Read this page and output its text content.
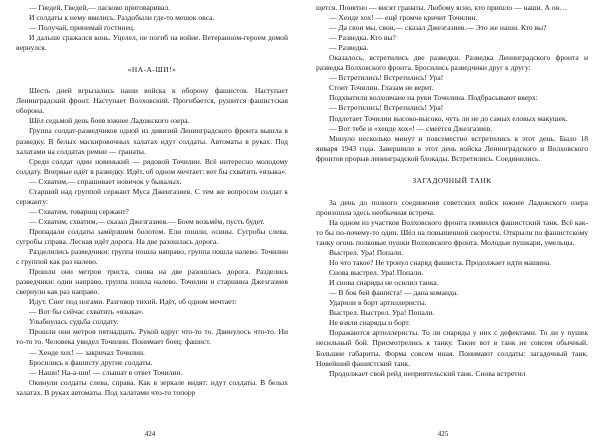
— Гведей, Гведей,— ласково приговаривал.

И солдаты к нему явились. Раздобыли где-то мешок овса.

— Получай, принимай гостинец.

И дальше сражался конь. Уцелел, не погиб на войне. Ветеранном-героем домой вернулся.

«НА-А-ШИ!»

Шесть дней вгрызались наши войска в оборону фашистов. Наступает Ленинградский фронт. Наступает Волховский. Прогибается, рушится фашистская оборона.

Шёл седьмой день боев южнее Ладожского озера.

Группа солдат-разведчиков одной из дивизий Ленинградского фронта вышла в разведку. В белых маскировочных халатах идут солдаты. Автоматы в руках. Под халатами на солдатах ремни — гранаты.

Среди солдат один новенький — рядовой Точилин. Всё интересно молодому солдату. Впервые идёт в разведку. Идёт, об одном мечтает: вот бы схватить «языка».

— Схватим,— спрашивает новичок у бывалых.

Старший над группой сержант Муса Дженгазиев. С тем же вопросом солдат к сержанту:

— Схватим, товарищ сержант?

— Схватим, схватим,— сказал Джезгазиев.— Боем возьмём, пусть будет.

Пропадали солдаты замёрзшим болотом. Ели пошли, осины. Сугробы слева, сугробы справа. Лесная идёт дорога. На две разошлась дорога.

Разделились разведчики: группа пошла направо, группа пошла налево. Точилин с группой как раз налево.

Прошли они метров триста, снова на две разошлась дорога. Разделись разведчики: одни направо, группа пошла налево. Точилин и старшина Джезгазиев свернули как раз направо.

Идут. Снег под ногами. Разговор тихий. Идёт, об одном мечтает:

— Вот бы сейчас схватить «языка».

Улыбнулась судьба солдату.

Прошли они метров пятнадцать. Рукой вдруг что-то то. Двинулось что-то. Ни то-то то. Человека увидел Точилин. Понимает боец: фашист.

— Хенде хох! — закричал Точилин.

Бросились к фашисту другие солдаты.

— Наши! На-а-ши! — слышат в ответ Точилин.

Окинули солдаты слева, справа. Как в зеркале видят: идут солдаты. В белых халатах. В руках автоматы. Под халатами что-то топорр

щется. Понятно — висят гранаты. Любому ясно, кто пришло — наши. А он…

— Хенде хох! — ещё громче кричит Точилин.

— Да свои мы, свои,— сказал Джезгазиев.— Это же наши. Кто вы?

— Разведка. Кто вы?

— Разведка.

Оказалось, встретились две разведки. Разведка Ленинградского фронта и разведка Волховского фронта. Бросились разведчики друг к другу:

— Встретились! Встретились! Ура!

Стоит Точилин. Глазам не верит.

Подхватили волховчане на руки Точилина. Подбрасывают вверх:

— Встретились! Встретились! Ура!

Подлетает Точилин высоко-высоко, чуть ли не до самых еловых макушек.

— Вот тебе и «хенде хох»! — смеётся Джезгазиев.

Минуло несколько минут и повсеместно встретились в этот день. Было 18 января 1943 года. Завершили в этот день войска Ленинградского и Волховского фронтов прорыв ленинградской блокады. Встретились. Соединились.

ЗАГАДОЧНЫЙ ТАНК

За день до полного соединения советских войск южнее Ладожского озера произошла здесь необычная встреча.

На одном из участков Волховского фронта появился фашистский танк. Всё как-то бы по-почему-то один. Шёл на повышенной скорости. Открыли по фашистскому танку огонь полковые пушки Волховского фронта. Молодые пушкари, умельцы.

Выстрел. Ура! Попали.

Но что такое? Не тронул снаряд фашиста. Продолжает идти машина.

Снова выстрел. Ура! Попали.

И снова снаряды не осилил танка.

— В бок бей фашиста! — дана команда.

Ударили в борт артиллеристы.

Выстрел. Выстрел. Ура! Попали.

Не взяли снаряды и борт.

Поражаются артиллеристы. То ли снаряды у них с дефектами. То ли у пушек несильный бой. Присмотрелись к танку. Такие вот в танк не совсем обычный. Большие габариты. Форма совсем иная. Понимают солдаты: загадочный танк. Новейший фашистский танк.

Продолжает свой рейд неприятельский танк. Снова встретил

424	425
